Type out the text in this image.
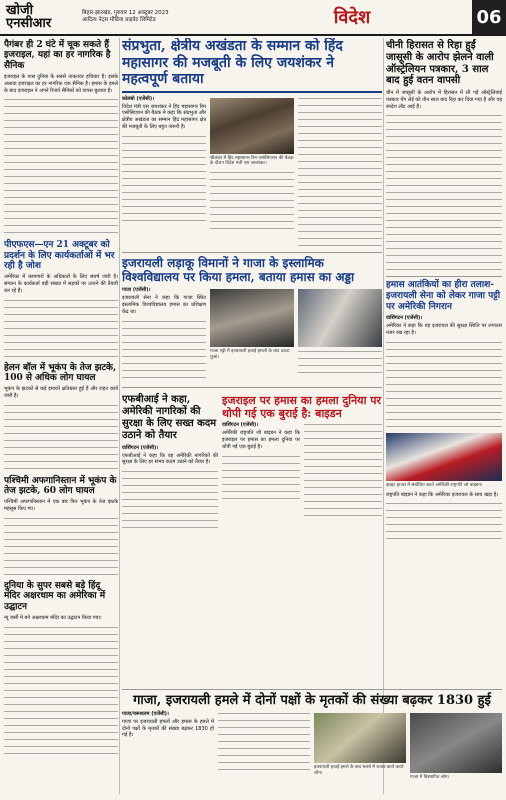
खोजी एनसीआर
बिहार-झारखंड, गुरुवार 12 अक्टूबर 2023
आदित्य नेट्स मीडिया प्राइवेट लिमिटेड	विदेश	06
पैगंबर ही 2 घंटे में चूक सकते हैं इजराइल, यहां का हर नागरिक है सैनिक

इजराइल के पास दुनिया के सबसे ताकतवर हथियार हैं। इसके अलावा इजराइल का हर नागरिक एक सैनिक है। हमास के हमले के बाद इजराइल ने अपने रिजर्व सैनिकों को वापस बुलाया है।

पीएफएस—एन 21 अक्टूबर को प्रदर्शन के लिए कार्यकर्ताओं में भर रही है जोश

अमेरिका में कामगारों के अधिकारों के लिए संघर्ष जारी है। संगठन के कार्यकर्ता बड़ी संख्या में सड़कों पर उतरने की तैयारी कर रहे हैं।

हेलन बॉल में भूकंप के तेज झटके, 100 से अधिक लोग घायल

भूकंप के झटकों से कई इमारतें क्षतिग्रस्त हुई हैं और राहत कार्य जारी है।

पश्चिमी अफगानिस्तान में भूकंप के तेज झटके, 60 लोग घायल

पश्चिमी अफगानिस्तान में एक बार फिर भूकंप के तेज झटके महसूस किए गए।

दुनिया के सुपर सबसे बड़े हिंदू मंदिर अक्षरधाम का अमेरिका में उद्घाटन

न्यू जर्सी में बने अक्षरधाम मंदिर का उद्घाटन किया गया।

संप्रभुता, क्षेत्रीय अखंडता के सम्मान को हिंद महासागर की मजबूती के लिए जयशंकर ने महत्वपूर्ण बताया
कोलंबो (एजेंसी)।

विदेश मंत्री एस जयशंकर ने हिंद महासागर रिम एसोसिएशन की बैठक में कहा कि संप्रभुता और क्षेत्रीय अखंडता का सम्मान हिंद महासागर क्षेत्र की मजबूती के लिए बहुत जरूरी है।

श्रीलंका में हिंद महासागर रिम एसोसिएशन की बैठक के दौरान विदेश मंत्री एस जयशंकर।
इजरायली लड़ाकू विमानों ने गाजा के इस्लामिक विश्वविद्यालय पर किया हमला, बताया हमास का अड्डा
गाजा (एजेंसी)।

इजरायली सेना ने कहा कि गाजा स्थित इस्लामिक विश्वविद्यालय हमास का प्रशिक्षण केंद्र था।

गाजा पट्टी में इजरायली हवाई हमलों के बाद उठता धुआं।
एफबीआई ने कहा, अमेरिकी नागरिकों की सुरक्षा के लिए सख्त कदम उठाने को तैयार
वाशिंगटन (एजेंसी)।

एफबीआई ने कहा कि वह अमेरिकी नागरिकों की सुरक्षा के लिए हर संभव कदम उठाने को तैयार है।

इजराइल पर हमास का हमला दुनिया पर थोपी गई एक बुराई है: बाइडन
वाशिंगटन (एजेंसी)।

अमेरिकी राष्ट्रपति जो बाइडन ने कहा कि इजराइल पर हमास का हमला दुनिया पर थोपी गई एक बुराई है।

चीनी हिरासत से रिहा हुईं जासूसी के आरोप झेलने वाली ऑस्ट्रेलियन पत्रकार, 3 साल बाद हुई वतन वापसी

चीन में जासूसी के आरोप में हिरासत में ली गई ऑस्ट्रेलियाई पत्रकार चेंग लेई को तीन साल बाद रिहा कर दिया गया है और वह स्वदेश लौट आई हैं।

हमास आतंकियों का हीरा तलाश- इजरायली सेना को लेकर गाजा पट्टी पर अमेरिकी निगरान
वाशिंगटन (एजेंसी)।

अमेरिका ने कहा कि वह इजरायल की सुरक्षा स्थिति पर लगातार नजर रख रहा है।

व्हाइट हाउस में संबोधित करते अमेरिकी राष्ट्रपति जो बाइडन।

राष्ट्रपति बाइडन ने कहा कि अमेरिका इजरायल के साथ खड़ा है।

गाजा, इजरायली हमले में दोनों पक्षों के मृतकों की संख्या बढ़कर 1830 हुई
गाजा/यरूशलम (एजेंसी)।

गाजा पर इजरायली हमलों और हमास के हमले में दोनों पक्षों के मृतकों की संख्या बढ़कर 1830 हो गई है।

इजरायली हवाई हमले के बाद मलबे में बचाव कार्य करते लोग।
गाजा में विस्थापित लोग।
